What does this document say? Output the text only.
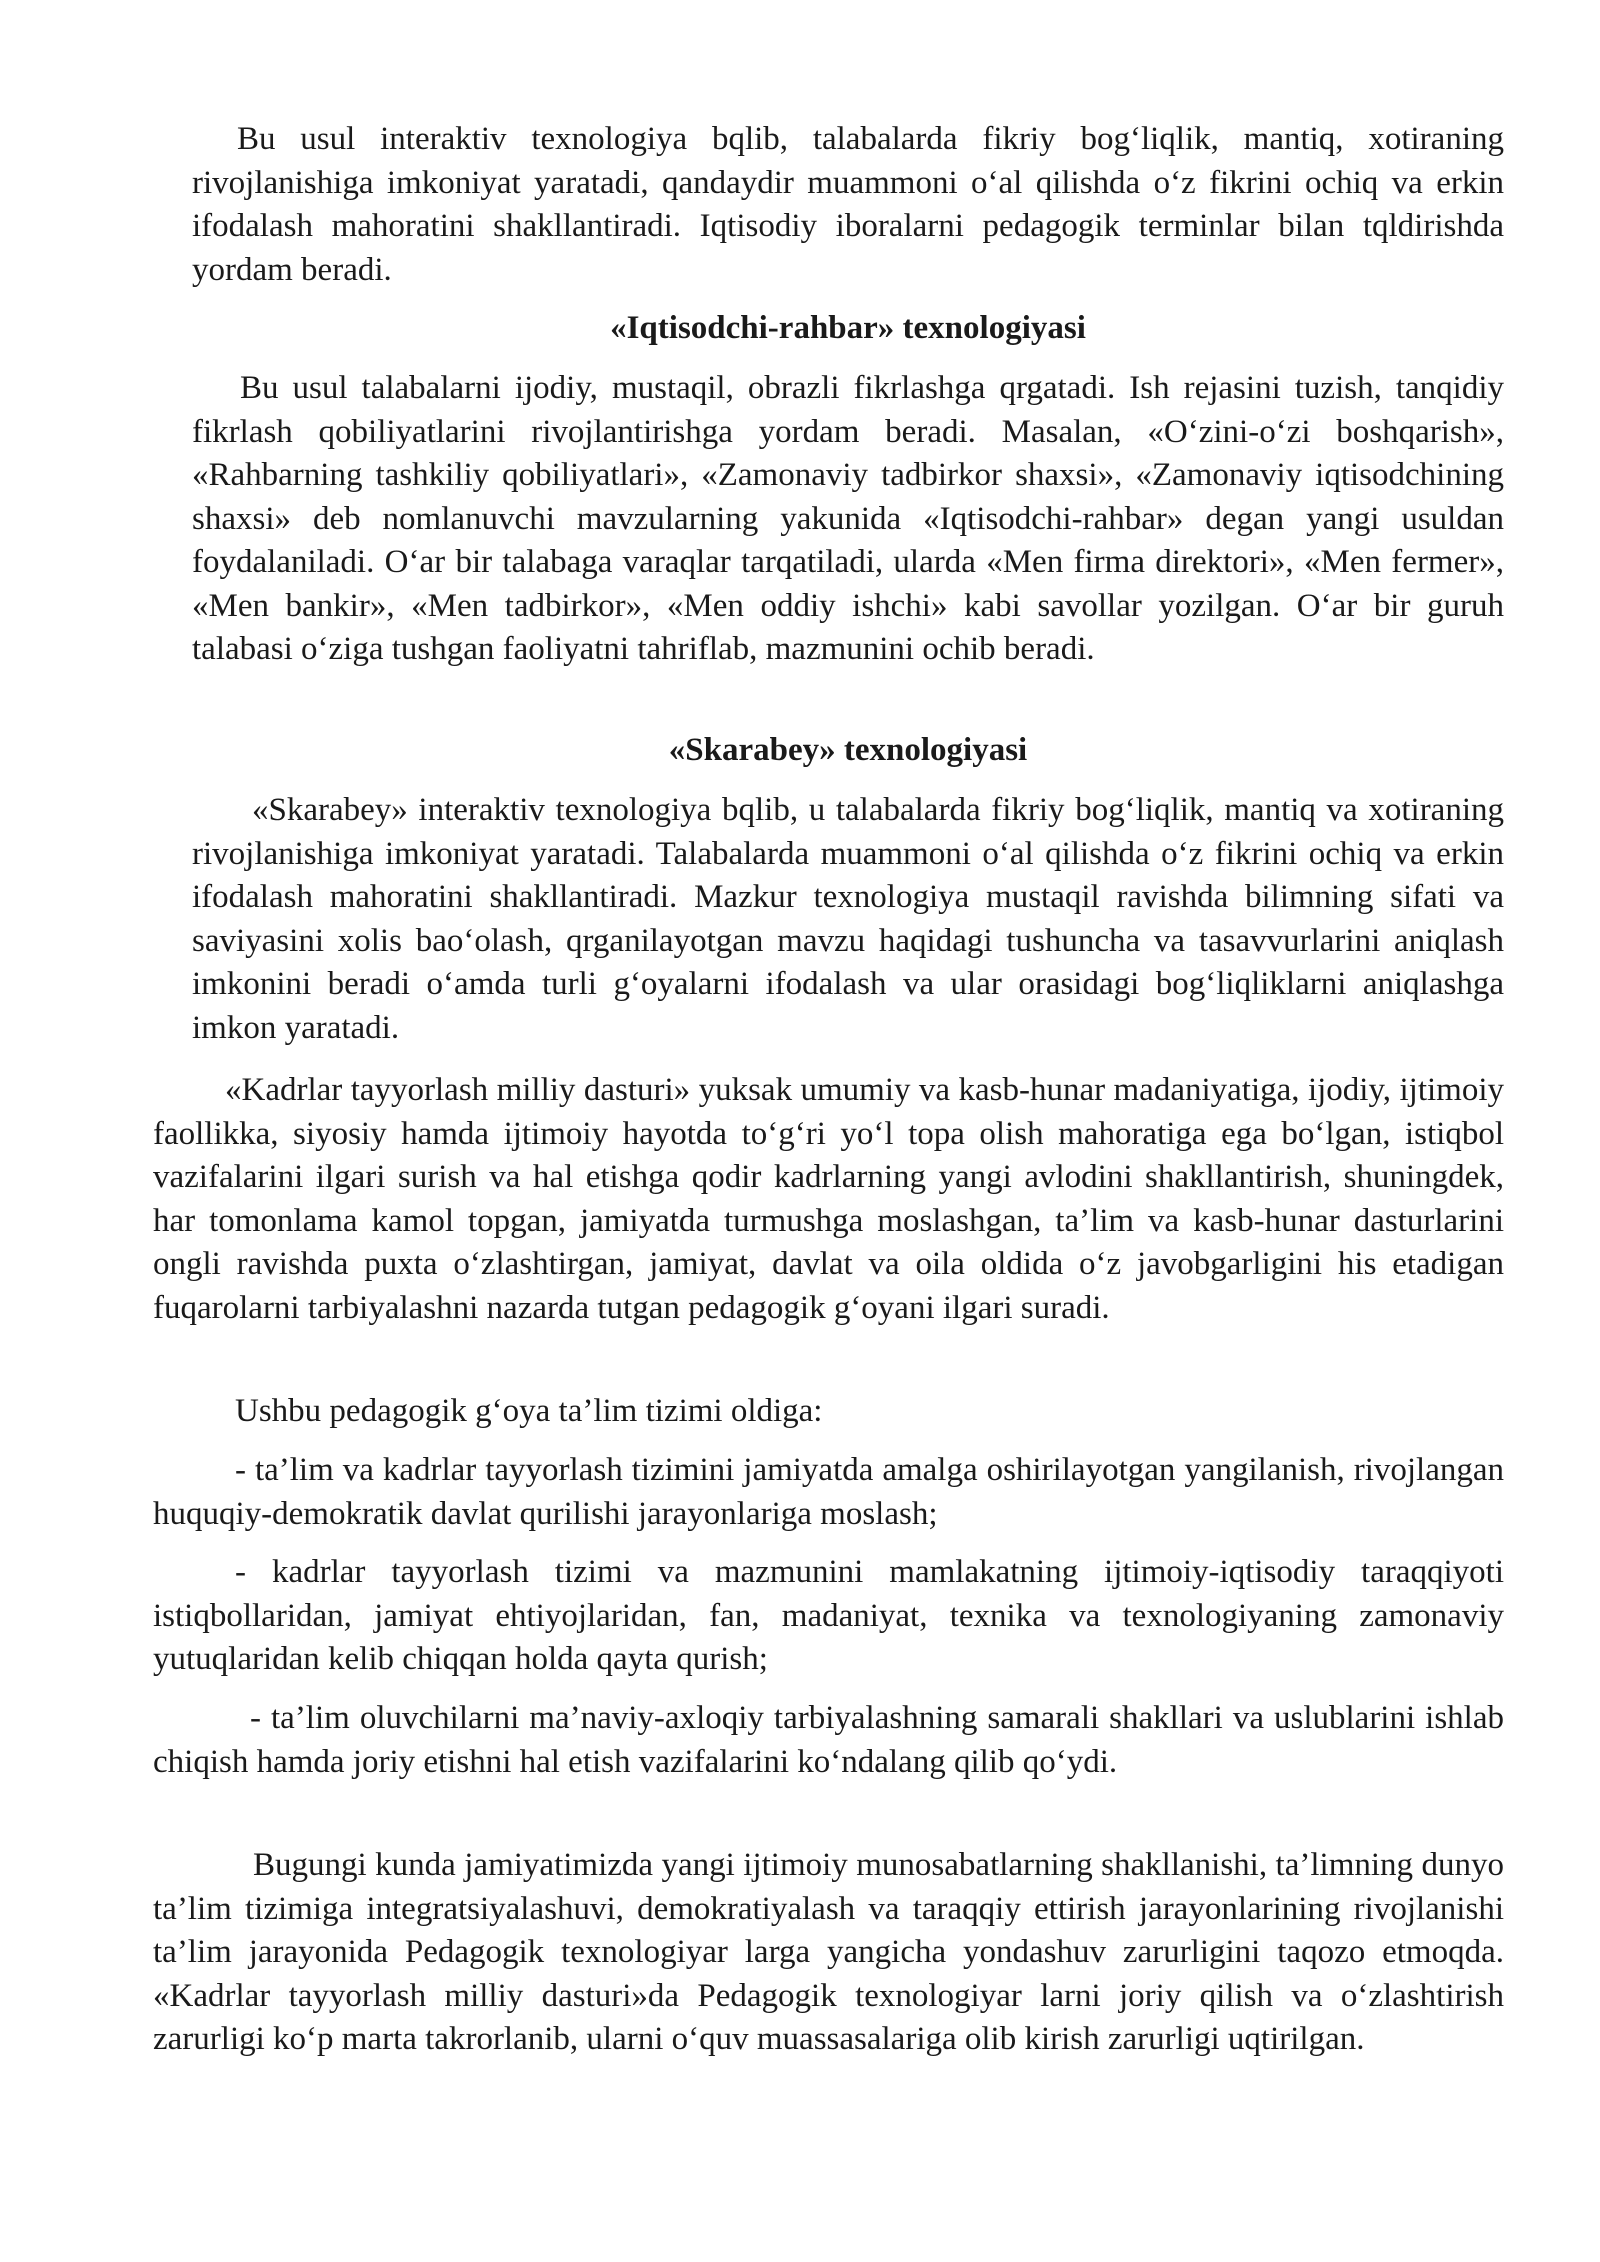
Bu usul interaktiv texnologiya bqlib, talabalarda fikriy bog‘liqlik, mantiq, xotiraning rivojlanishiga imkoniyat yaratadi, qandaydir muammoni o‘al qilishda o‘z fikrini ochiq va erkin ifodalash mahoratini shakllantiradi. Iqtisodiy iboralarni pedagogik terminlar bilan tqldirishda yordam beradi.

«Iqtisodchi-rahbar» texnologiyasi

Bu usul talabalarni ijodiy, mustaqil, obrazli fikrlashga qrgatadi. Ish rejasini tuzish, tanqidiy fikrlash qobiliyatlarini rivojlantirishga yordam beradi. Masalan, «O‘zini-o‘zi boshqarish», «Rahbarning tashkiliy qobiliyatlari», «Zamonaviy tadbirkor shaxsi», «Zamonaviy iqtisodchining shaxsi» deb nomlanuvchi mavzularning yakunida «Iqtisodchi-rahbar» degan yangi usuldan foydalaniladi. O‘ar bir talabaga varaqlar tarqatiladi, ularda «Men firma direktori», «Men fermer», «Men bankir», «Men tadbirkor», «Men oddiy ishchi» kabi savollar yozilgan. O‘ar bir guruh talabasi o‘ziga tushgan faoliyatni tahriflab, mazmunini ochib beradi.

«Skarabey» texnologiyasi

«Skarabey» interaktiv texnologiya bqlib, u talabalarda fikriy bog‘liqlik, mantiq va xotiraning rivojlanishiga imkoniyat yaratadi. Talabalarda muammoni o‘al qilishda o‘z fikrini ochiq va erkin ifodalash mahoratini shakllantiradi. Mazkur texnologiya mustaqil ravishda bilimning sifati va saviyasini xolis bao‘olash, qrganilayotgan mavzu haqidagi tushuncha va tasavvurlarini aniqlash imkonini beradi o‘amda turli g‘oyalarni ifodalash va ular orasidagi bog‘liqliklarni aniqlashga imkon yaratadi.

«Kadrlar tayyorlash milliy dasturi» yuksak umumiy va kasb-hunar madaniyatiga, ijodiy, ijtimoiy faollikka, siyosiy hamda ijtimoiy hayotda to‘g‘ri yo‘l topa olish mahoratiga ega bo‘lgan, istiqbol vazifalarini ilgari surish va hal etishga qodir kadrlarning yangi avlodini shakllantirish, shuningdek, har tomonlama kamol topgan, jamiyatda turmushga moslashgan, ta’lim va kasb-hunar dasturlarini ongli ravishda puxta o‘zlashtirgan, jamiyat, davlat va oila oldida o‘z javobgarligini his etadigan fuqarolarni tarbiyalashni nazarda tutgan pedagogik g‘oyani ilgari suradi.

Ushbu pedagogik g‘oya ta’lim tizimi oldiga:

- ta’lim va kadrlar tayyorlash tizimini jamiyatda amalga oshirilayotgan yangilanish, rivojlangan huquqiy-demokratik davlat qurilishi jarayonlariga moslash;

- kadrlar tayyorlash tizimi va mazmunini mamlakatning ijtimoiy-iqtisodiy taraqqiyoti istiqbollaridan, jamiyat ehtiyojlaridan, fan, madaniyat, texnika va texnologiyaning zamonaviy yutuqlaridan kelib chiqqan holda qayta qurish;

- ta’lim oluvchilarni ma’naviy-axloqiy tarbiyalashning samarali shakllari va uslublarini ishlab chiqish hamda joriy etishni hal etish vazifalarini ko‘ndalang qilib qo‘ydi.

Bugungi kunda jamiyatimizda yangi ijtimoiy munosabatlarning shakllanishi, ta’limning dunyo ta’lim tizimiga integratsiyalashuvi, demokratiyalash va taraqqiy ettirish jarayonlarining rivojlanishi ta’lim jarayonida Pedagogik texnologiyar larga yangicha yondashuv zarurligini taqozo etmoqda. «Kadrlar tayyorlash milliy dasturi»da Pedagogik texnologiyar larni joriy qilish va o‘zlashtirish zarurligi ko‘p marta takrorlanib, ularni o‘quv muassasalariga olib kirish zarurligi uqtirilgan.
